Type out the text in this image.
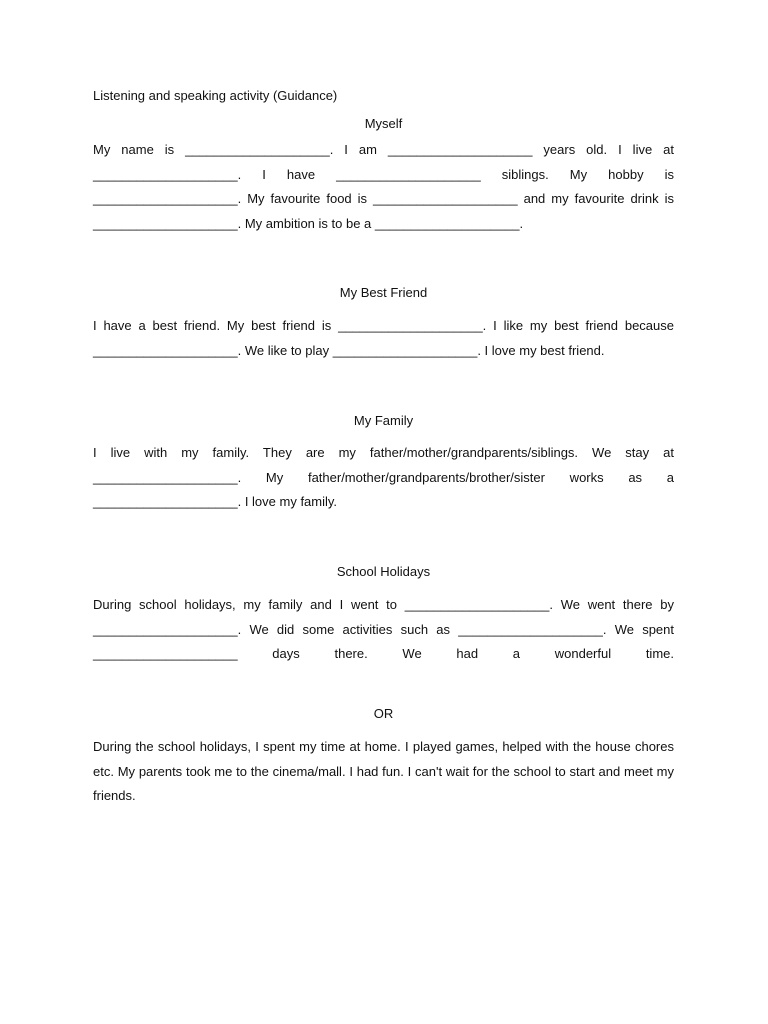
Listening and speaking activity (Guidance)
Myself

My name is ____________________. I am ____________________ years old. I live at ____________________. I have ____________________ siblings. My hobby is ____________________. My favourite food is ____________________ and my favourite drink is ____________________. My ambition is to be a ____________________.

My Best Friend

I have a best friend. My best friend is ____________________. I like my best friend because ____________________. We like to play ____________________. I love my best friend.

My Family

I live with my family. They are my father/mother/grandparents/siblings. We stay at ____________________. My father/mother/grandparents/brother/sister works as a ____________________. I love my family.

School Holidays

During school holidays, my family and I went to ____________________. We went there by ____________________. We did some activities such as ____________________. We spent ____________________ days there. We had a wonderful time.

OR

During the school holidays, I spent my time at home. I played games, helped with the house chores etc. My parents took me to the cinema/mall. I had fun. I can't wait for the school to start and meet my friends.
